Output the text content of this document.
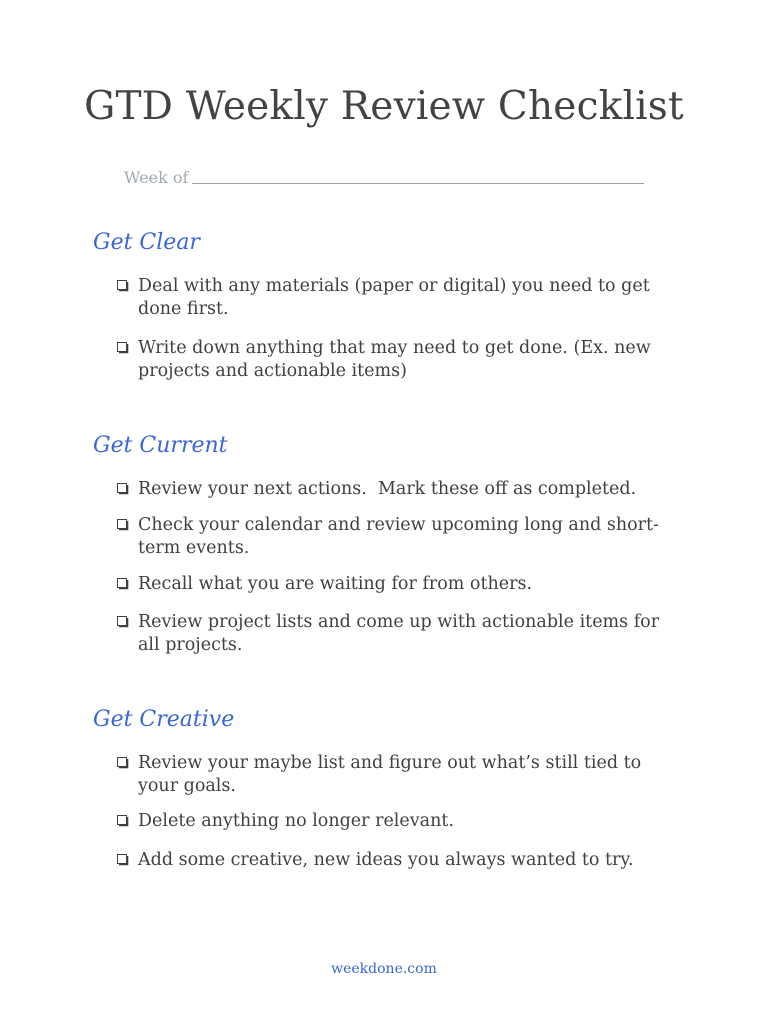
GTD Weekly Review Checklist
Week of
Get Clear
Deal with any materials (paper or digital) you need to get done first.
Write down anything that may need to get done. (Ex. new projects and actionable items)
Get Current
Review your next actions.  Mark these off as completed.
Check your calendar and review upcoming long and short-term events.
Recall what you are waiting for from others.
Review project lists and come up with actionable items for all projects.
Get Creative
Review your maybe list and figure out what’s still tied to your goals.
Delete anything no longer relevant.
Add some creative, new ideas you always wanted to try.
weekdone.com
